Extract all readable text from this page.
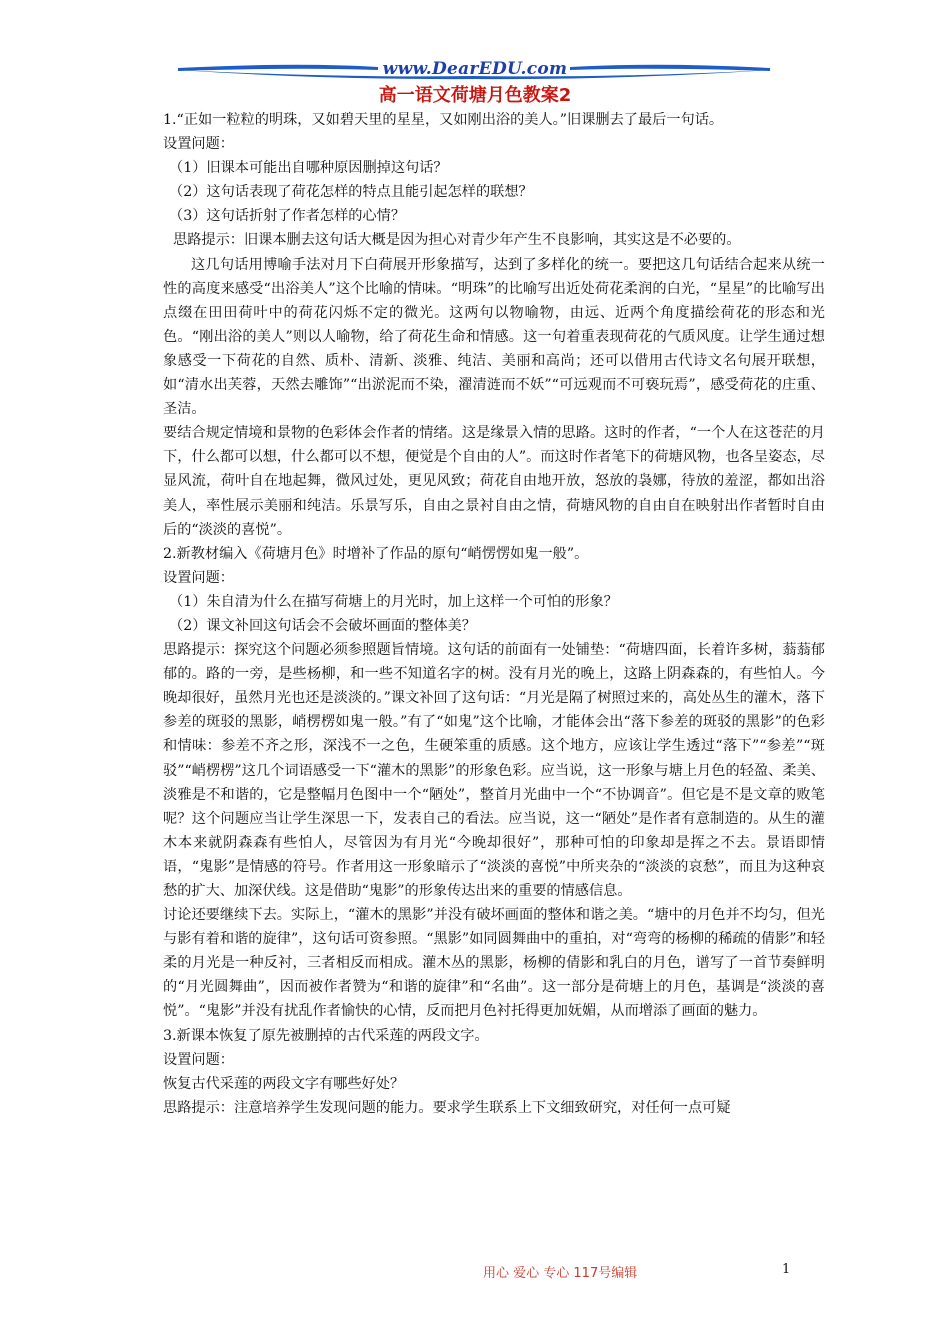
www.DearEDU.com
高一语文荷塘月色教案2

1.“正如一粒粒的明珠，又如碧天里的星星，又如刚出浴的美人。”旧课删去了最后一句话。

设置问题：

（1）旧课本可能出自哪种原因删掉这句话？

（2）这句话表现了荷花怎样的特点且能引起怎样的联想？

（3）这句话折射了作者怎样的心情？

思路提示：旧课本删去这句话大概是因为担心对青少年产生不良影响，其实这是不必要的。

这几句话用博喻手法对月下白荷展开形象描写，达到了多样化的统一。要把这几句话结合起来从统一性的高度来感受“出浴美人”这个比喻的情味。“明珠”的比喻写出近处荷花柔润的白光，“星星”的比喻写出点缀在田田荷叶中的荷花闪烁不定的微光。这两句以物喻物，由远、近两个角度描绘荷花的形态和光色。“刚出浴的美人”则以人喻物，给了荷花生命和情感。这一句着重表现荷花的气质风度。让学生通过想象感受一下荷花的自然、质朴、清新、淡雅、纯洁、美丽和高尚；还可以借用古代诗文名句展开联想，如“清水出芙蓉，天然去雕饰”“出淤泥而不染，濯清涟而不妖”“可远观而不可亵玩焉”，感受荷花的庄重、圣洁。

要结合规定情境和景物的色彩体会作者的情绪。这是缘景入情的思路。这时的作者，“一个人在这苍茫的月下，什么都可以想，什么都可以不想，便觉是个自由的人”。而这时作者笔下的荷塘风物，也各呈姿态，尽显风流，荷叶自在地起舞，微风过处，更见风致；荷花自由地开放，怒放的袅娜，待放的羞涩，都如出浴美人，率性展示美丽和纯洁。乐景写乐，自由之景衬自由之情，荷塘风物的自由自在映射出作者暂时自由后的“淡淡的喜悦”。

2.新教材编入《荷塘月色》时增补了作品的原句“峭愣愣如鬼一般”。

设置问题：

（1）朱自清为什么在描写荷塘上的月光时，加上这样一个可怕的形象？

（2）课文补回这句话会不会破坏画面的整体美？

思路提示：探究这个问题必须参照题旨情境。这句话的前面有一处铺垫：“荷塘四面，长着许多树，蓊蓊郁郁的。路的一旁，是些杨柳，和一些不知道名字的树。没有月光的晚上，这路上阴森森的，有些怕人。今晚却很好，虽然月光也还是淡淡的。”课文补回了这句话：“月光是隔了树照过来的，高处丛生的灌木，落下参差的斑驳的黑影，峭楞楞如鬼一般。”有了“如鬼”这个比喻，才能体会出“落下参差的斑驳的黑影”的色彩和情味：参差不齐之形，深浅不一之色，生硬笨重的质感。这个地方，应该让学生透过“落下”“参差”“斑驳”“峭楞楞”这几个词语感受一下“灌木的黑影”的形象色彩。应当说，这一形象与塘上月色的轻盈、柔美、淡雅是不和谐的，它是整幅月色图中一个“陋处”，整首月光曲中一个“不协调音”。但它是不是文章的败笔呢？这个问题应当让学生深思一下，发表自己的看法。应当说，这一“陋处”是作者有意制造的。从生的灌木本来就阴森森有些怕人，尽管因为有月光“今晚却很好”，那种可怕的印象却是挥之不去。景语即情语，“鬼影”是情感的符号。作者用这一形象暗示了“淡淡的喜悦”中所夹杂的“淡淡的哀愁”，而且为这种哀愁的扩大、加深伏线。这是借助“鬼影”的形象传达出来的重要的情感信息。

讨论还要继续下去。实际上，“灌木的黑影”并没有破坏画面的整体和谐之美。“塘中的月色并不均匀，但光与影有着和谐的旋律”，这句话可资参照。“黑影”如同圆舞曲中的重拍，对“弯弯的杨柳的稀疏的倩影”和轻柔的月光是一种反衬，三者相反而相成。灌木丛的黑影，杨柳的倩影和乳白的月色，谱写了一首节奏鲜明的“月光圆舞曲”，因而被作者赞为“和谐的旋律”和“名曲”。这一部分是荷塘上的月色，基调是“淡淡的喜悦”。“鬼影”并没有扰乱作者愉快的心情，反而把月色衬托得更加妩媚，从而增添了画面的魅力。

3.新课本恢复了原先被删掉的古代采莲的两段文字。

设置问题：

恢复古代采莲的两段文字有哪些好处？

思路提示：注意培养学生发现问题的能力。要求学生联系上下文细致研究，对任何一点可疑

用心 爱心 专心 117号编辑	1
